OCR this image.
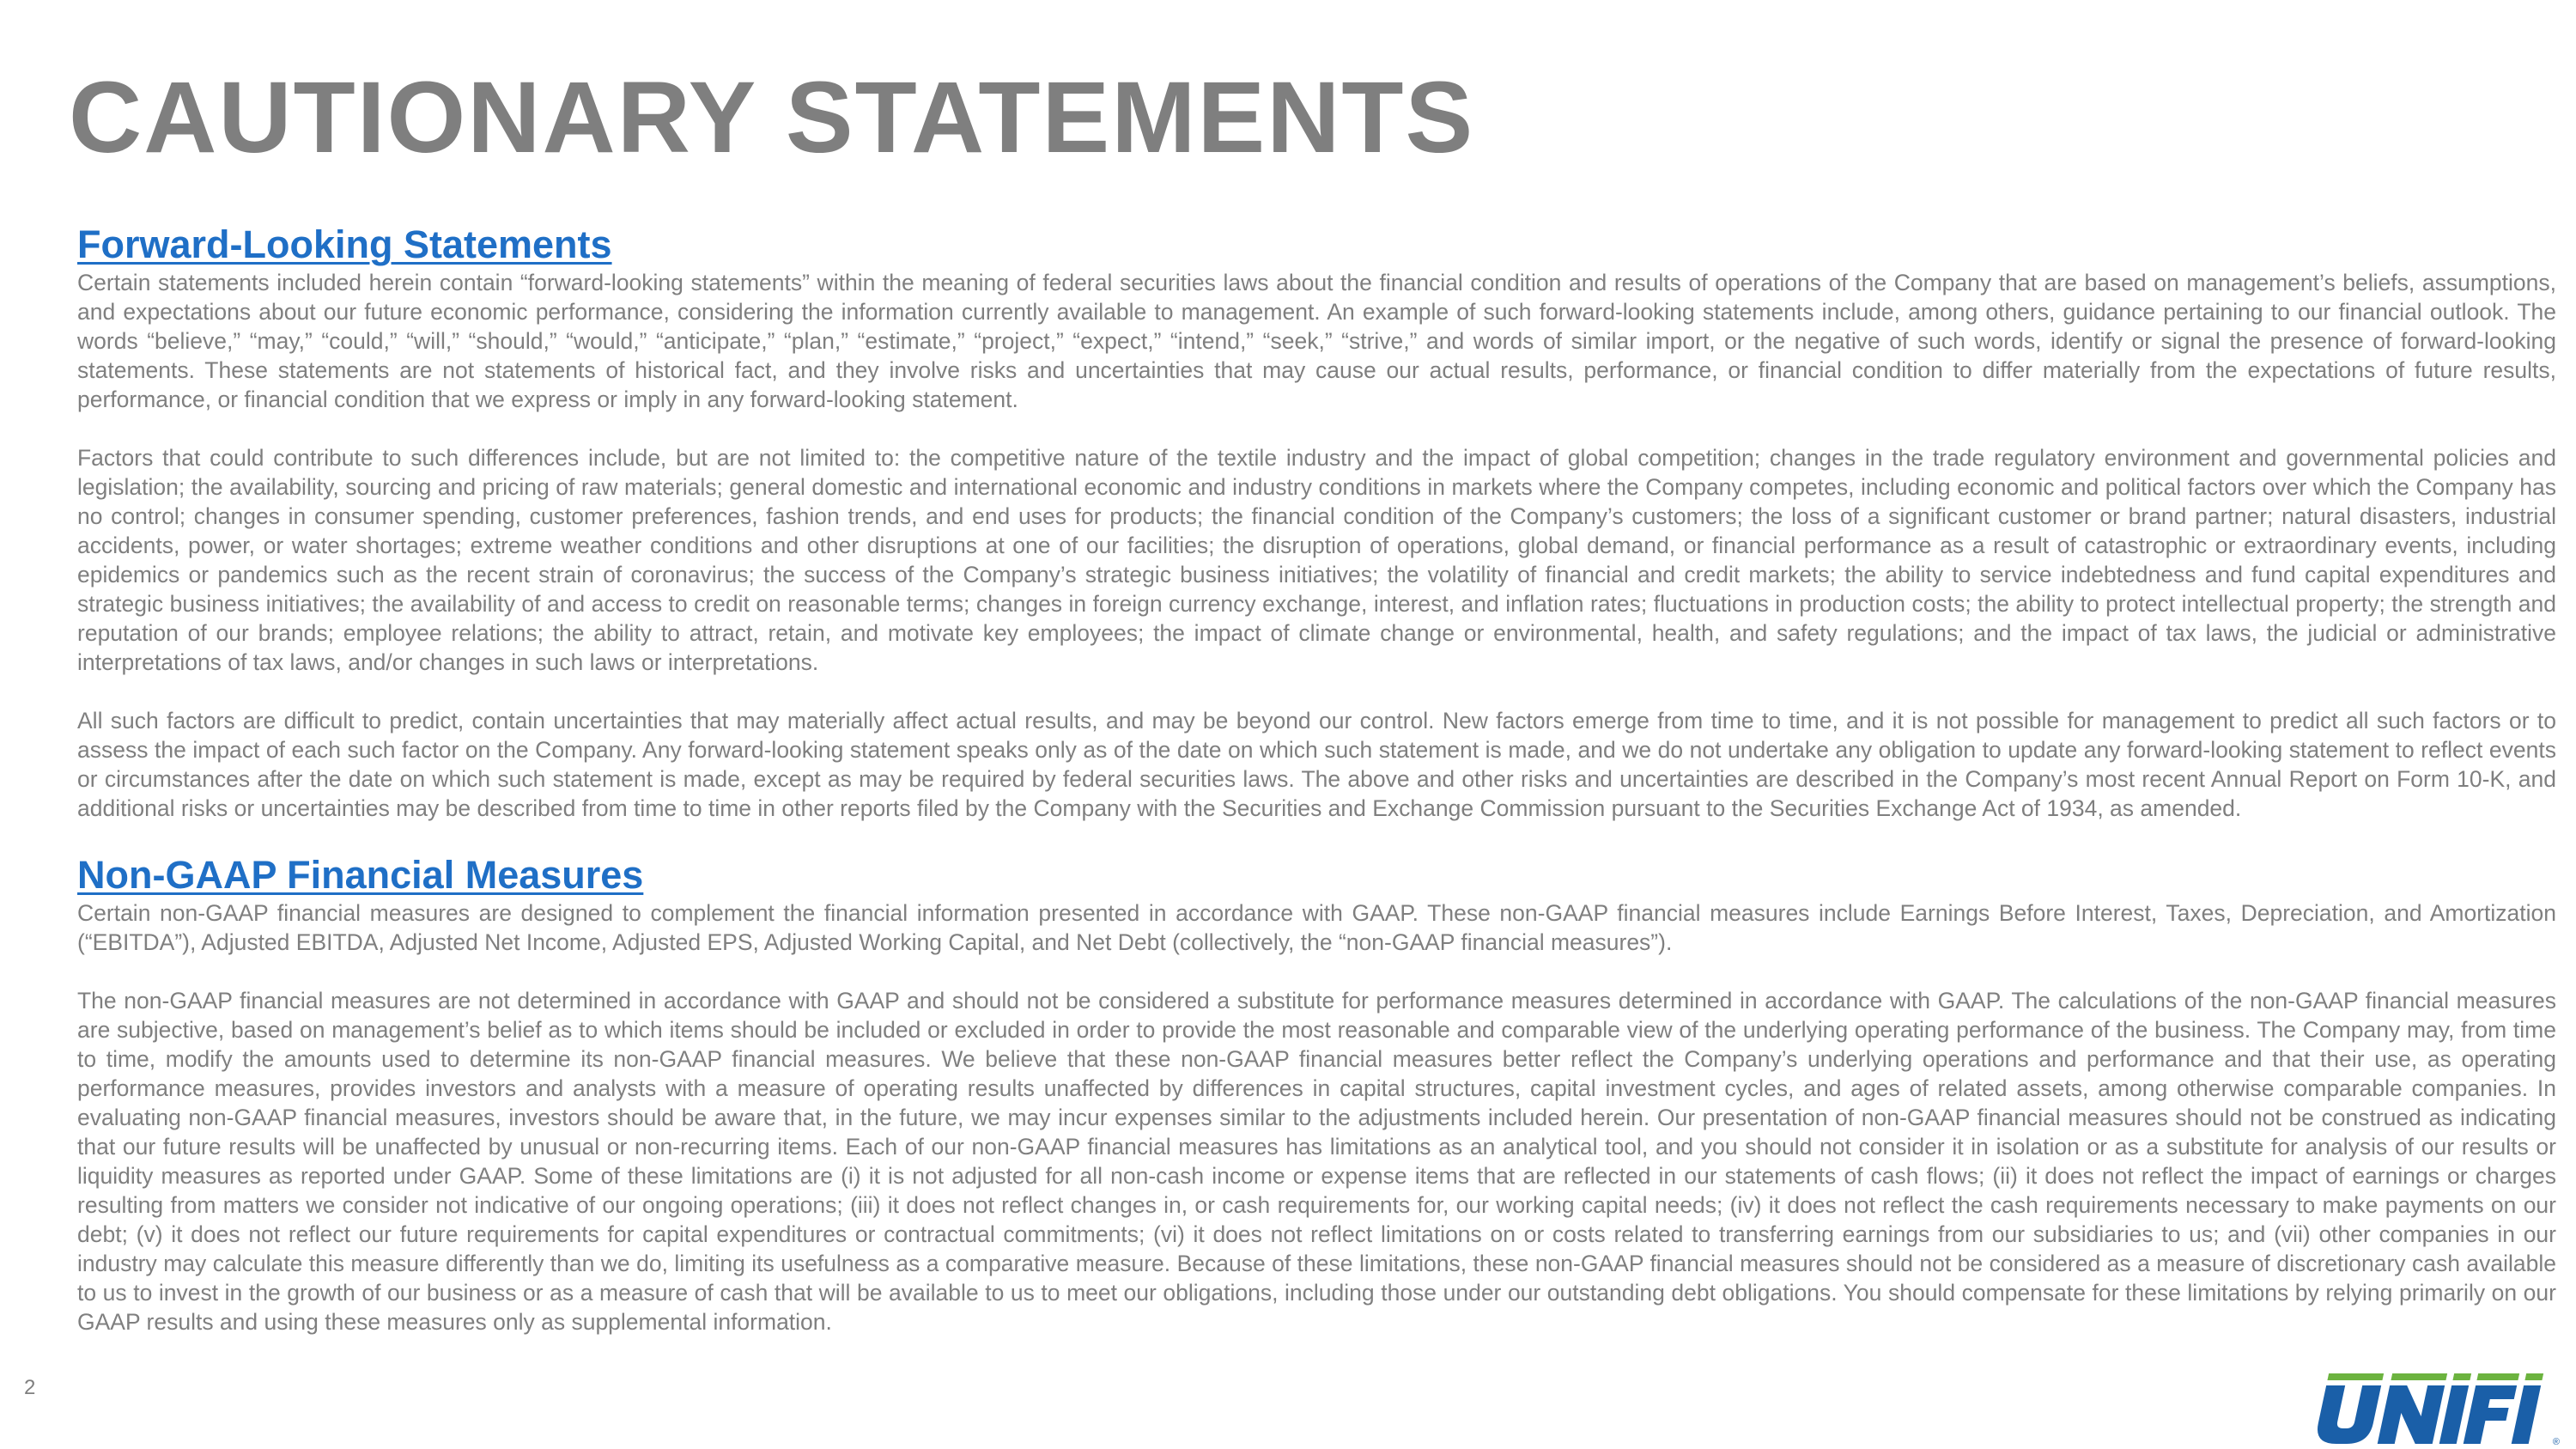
CAUTIONARY STATEMENTS
Forward-Looking Statements

Certain statements included herein contain “forward-looking statements” within the meaning of federal securities laws about the financial condition and results of operations of the Company that are based on management’s beliefs, assumptions, and expectations about our future economic performance, considering the information currently available to management. An example of such forward-looking statements include, among others, guidance pertaining to our financial outlook. The words “believe,” “may,” “could,” “will,” “should,” “would,” “anticipate,” “plan,” “estimate,” “project,” “expect,” “intend,” “seek,” “strive,” and words of similar import, or the negative of such words, identify or signal the presence of forward-looking statements. These statements are not statements of historical fact, and they involve risks and uncertainties that may cause our actual results, performance, or financial condition to differ materially from the expectations of future results, performance, or financial condition that we express or imply in any forward-looking statement.

Factors that could contribute to such differences include, but are not limited to: the competitive nature of the textile industry and the impact of global competition; changes in the trade regulatory environment and governmental policies and legislation; the availability, sourcing and pricing of raw materials; general domestic and international economic and industry conditions in markets where the Company competes, including economic and political factors over which the Company has no control; changes in consumer spending, customer preferences, fashion trends, and end uses for products; the financial condition of the Company’s customers; the loss of a significant customer or brand partner; natural disasters, industrial accidents, power, or water shortages; extreme weather conditions and other disruptions at one of our facilities; the disruption of operations, global demand, or financial performance as a result of catastrophic or extraordinary events, including epidemics or pandemics such as the recent strain of coronavirus; the success of the Company’s strategic business initiatives; the volatility of financial and credit markets; the ability to service indebtedness and fund capital expenditures and strategic business initiatives; the availability of and access to credit on reasonable terms; changes in foreign currency exchange, interest, and inflation rates; fluctuations in production costs; the ability to protect intellectual property; the strength and reputation of our brands; employee relations; the ability to attract, retain, and motivate key employees; the impact of climate change or environmental, health, and safety regulations; and the impact of tax laws, the judicial or administrative interpretations of tax laws, and/or changes in such laws or interpretations.

All such factors are difficult to predict, contain uncertainties that may materially affect actual results, and may be beyond our control. New factors emerge from time to time, and it is not possible for management to predict all such factors or to assess the impact of each such factor on the Company. Any forward-looking statement speaks only as of the date on which such statement is made, and we do not undertake any obligation to update any forward-looking statement to reflect events or circumstances after the date on which such statement is made, except as may be required by federal securities laws. The above and other risks and uncertainties are described in the Company’s most recent Annual Report on Form 10-K, and additional risks or uncertainties may be described from time to time in other reports filed by the Company with the Securities and Exchange Commission pursuant to the Securities Exchange Act of 1934, as amended.

Non-GAAP Financial Measures

Certain non-GAAP financial measures are designed to complement the financial information presented in accordance with GAAP. These non-GAAP financial measures include Earnings Before Interest, Taxes, Depreciation, and Amortization (“EBITDA”), Adjusted EBITDA, Adjusted Net Income, Adjusted EPS, Adjusted Working Capital, and Net Debt (collectively, the “non-GAAP financial measures”).

The non-GAAP financial measures are not determined in accordance with GAAP and should not be considered a substitute for performance measures determined in accordance with GAAP. The calculations of the non-GAAP financial measures are subjective, based on management’s belief as to which items should be included or excluded in order to provide the most reasonable and comparable view of the underlying operating performance of the business. The Company may, from time to time, modify the amounts used to determine its non-GAAP financial measures. We believe that these non-GAAP financial measures better reflect the Company’s underlying operations and performance and that their use, as operating performance measures, provides investors and analysts with a measure of operating results unaffected by differences in capital structures, capital investment cycles, and ages of related assets, among otherwise comparable companies. In evaluating non-GAAP financial measures, investors should be aware that, in the future, we may incur expenses similar to the adjustments included herein. Our presentation of non-GAAP financial measures should not be construed as indicating that our future results will be unaffected by unusual or non-recurring items. Each of our non-GAAP financial measures has limitations as an analytical tool, and you should not consider it in isolation or as a substitute for analysis of our results or liquidity measures as reported under GAAP. Some of these limitations are (i) it is not adjusted for all non-cash income or expense items that are reflected in our statements of cash flows; (ii) it does not reflect the impact of earnings or charges resulting from matters we consider not indicative of our ongoing operations; (iii) it does not reflect changes in, or cash requirements for, our working capital needs; (iv) it does not reflect the cash requirements necessary to make payments on our debt; (v) it does not reflect our future requirements for capital expenditures or contractual commitments; (vi) it does not reflect limitations on or costs related to transferring earnings from our subsidiaries to us; and (vii) other companies in our industry may calculate this measure differently than we do, limiting its usefulness as a comparative measure. Because of these limitations, these non-GAAP financial measures should not be considered as a measure of discretionary cash available to us to invest in the growth of our business or as a measure of cash that will be available to us to meet our obligations, including those under our outstanding debt obligations. You should compensate for these limitations by relying primarily on our GAAP results and using these measures only as supplemental information.

2
®
